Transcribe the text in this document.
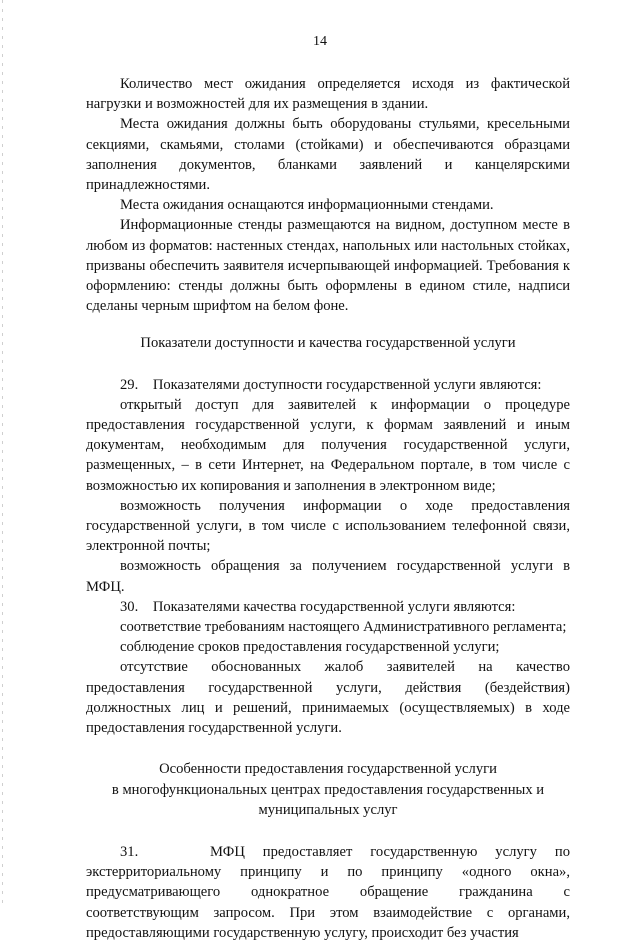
14

Количество мест ожидания определяется исходя из фактической нагрузки и возможностей для их размещения в здании.

Места ожидания должны быть оборудованы стульями, кресельными секциями, скамьями, столами (стойками) и обеспечиваются образцами заполнения документов, бланками заявлений и канцелярскими принадлежностями.

Места ожидания оснащаются информационными стендами.

Информационные стенды размещаются на видном, доступном месте в любом из форматов: настенных стендах, напольных или настольных стойках, призваны обеспечить заявителя исчерпывающей информацией. Требования к оформлению: стенды должны быть оформлены в едином стиле, надписи сделаны черным шрифтом на белом фоне.

Показатели доступности и качества государственной услуги

29.    Показателями доступности государственной услуги являются:

открытый доступ для заявителей к информации о процедуре предоставления государственной услуги, к формам заявлений и иным документам, необходимым для получения государственной услуги, размещенных, – в сети Интернет, на Федеральном портале, в том числе с возможностью их копирования и заполнения в электронном виде;

возможность получения информации о ходе предоставления государственной услуги, в том числе с использованием телефонной связи, электронной почты;

возможность обращения за получением государственной услуги в МФЦ.

30.    Показателями качества государственной услуги являются:

соответствие требованиям настоящего Административного регламента;

соблюдение сроков предоставления государственной услуги;

отсутствие обоснованных жалоб заявителей на качество предоставления государственной услуги, действия (бездействия) должностных лиц и решений, принимаемых (осуществляемых) в ходе предоставления государственной услуги.

Особенности предоставления государственной услуги
в многофункциональных центрах предоставления государственных и
муниципальных услуг

31.    МФЦ предоставляет государственную услугу по экстерриториальному принципу и по принципу «одного окна», предусматривающего однократное обращение гражданина с соответствующим запросом. При этом взаимодействие с органами, предоставляющими государственную услугу, происходит без участия
